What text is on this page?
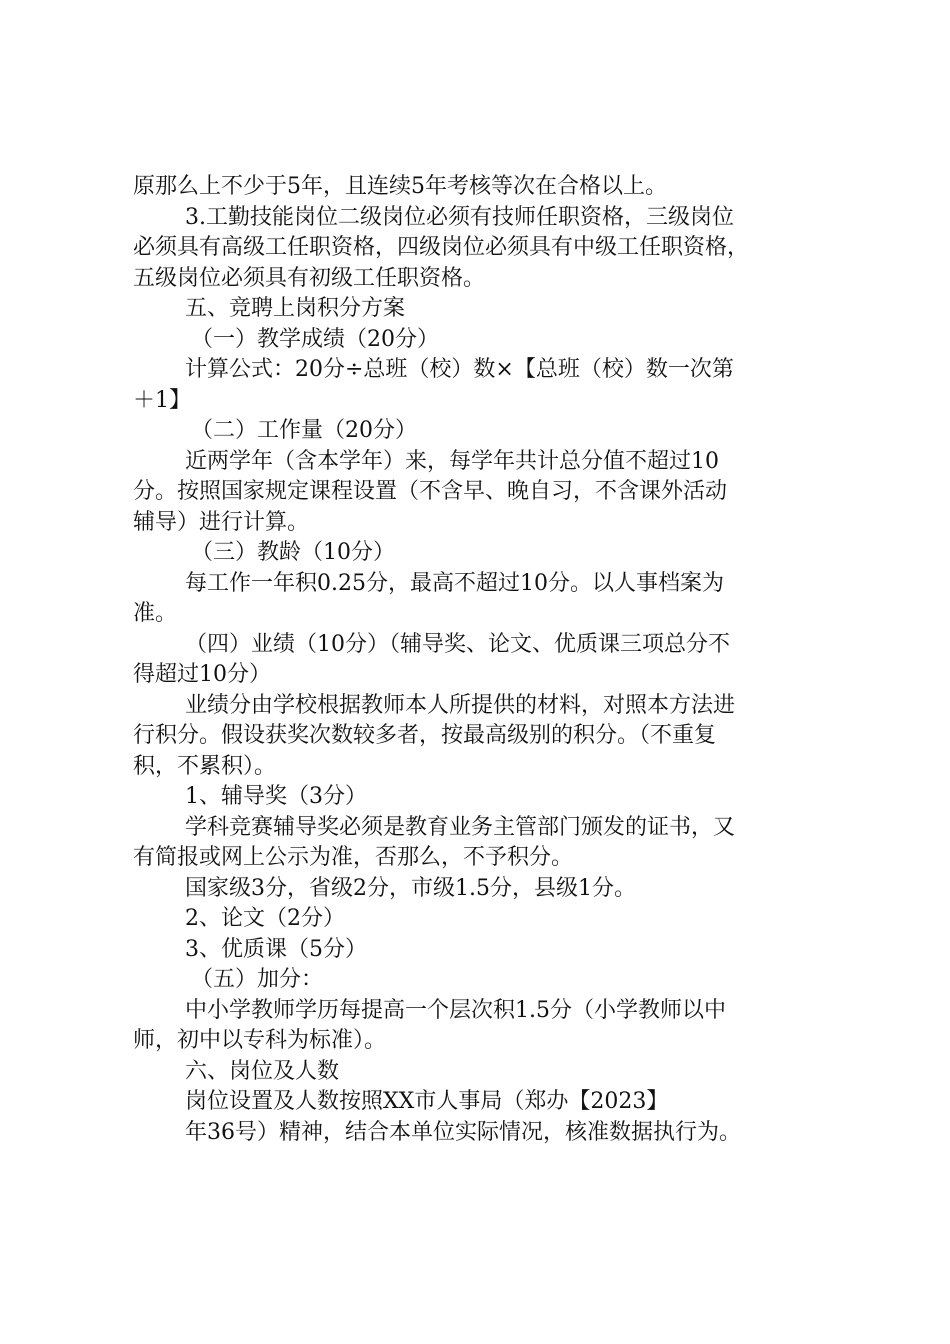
原那么上不少于5年，且连续5年考核等次在合格以上。
3.工勤技能岗位二级岗位必须有技师任职资格，三级岗位
必须具有高级工任职资格，四级岗位必须具有中级工任职资格，
五级岗位必须具有初级工任职资格。
五、竞聘上岗积分方案
（一）教学成绩（20分）
计算公式：20分÷总班（校）数×【总班（校）数一次第
＋1】
（二）工作量（20分）
近两学年（含本学年）来，每学年共计总分值不超过10
分。按照国家规定课程设置（不含早、晚自习，不含课外活动
辅导）进行计算。
（三）教龄（10分）
每工作一年积0.25分，最高不超过10分。以人事档案为
准。
（四）业绩（10分）（辅导奖、论文、优质课三项总分不
得超过10分）
业绩分由学校根据教师本人所提供的材料，对照本方法进
行积分。假设获奖次数较多者，按最高级别的积分。（不重复
积，不累积）。
1、辅导奖（3分）
学科竞赛辅导奖必须是教育业务主管部门颁发的证书，又
有简报或网上公示为准，否那么，不予积分。
国家级3分，省级2分，市级1.5分，县级1分。
2、论文（2分）
3、优质课（5分）
（五）加分：
中小学教师学历每提高一个层次积1.5分（小学教师以中
师，初中以专科为标准）。
六、岗位及人数
岗位设置及人数按照XX市人事局（郑办【2023】
年36号）精神，结合本单位实际情况，核准数据执行为。
